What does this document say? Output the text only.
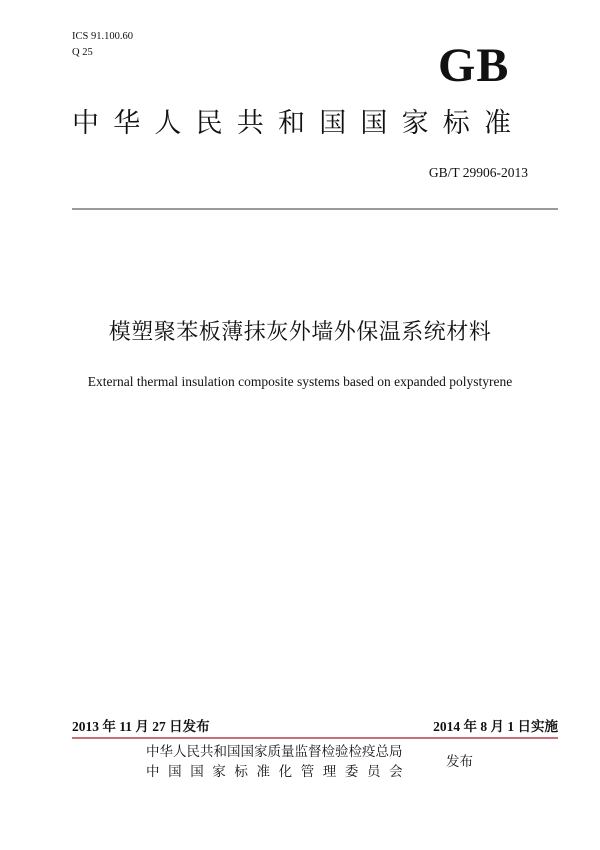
ICS 91.100.60
Q 25	GB
中华人民共和国国家标准
GB/T 29906-2013
模塑聚苯板薄抹灰外墙外保温系统材料
External thermal insulation composite systems based on expanded polystyrene
2013 年 11 月 27 日发布	2014 年 8 月 1 日实施
中华人民共和国国家质量监督检验检疫总局
中国国家标准化管理委员会
发布
